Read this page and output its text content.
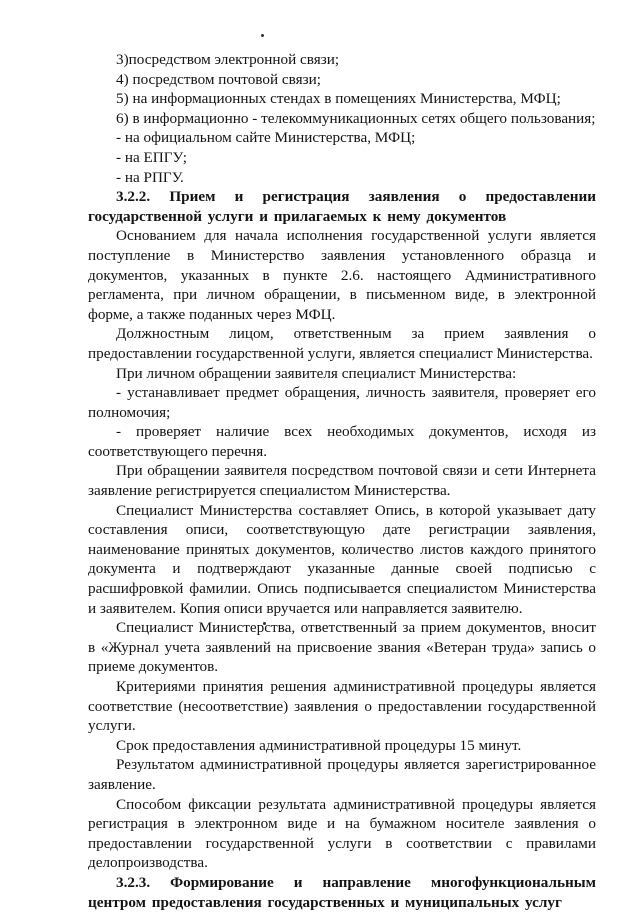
3)посредством электронной связи;

4) посредством почтовой связи;

5) на информационных стендах в помещениях Министерства, МФЦ;

6) в информационно - телекоммуникационных сетях общего пользования;

- на официальном сайте Министерства, МФЦ;

- на ЕПГУ;

- на РПГУ.

3.2.2. Прием и регистрация заявления о предоставлении государственной услуги и прилагаемых к нему документов

Основанием для начала исполнения государственной услуги является поступление в Министерство заявления установленного образца и документов, указанных в пункте 2.6. настоящего Административного регламента, при личном обращении, в письменном виде, в электронной форме, а также поданных через МФЦ.

Должностным лицом, ответственным за прием заявления о предоставлении государственной услуги, является специалист Министерства.

При личном обращении заявителя специалист Министерства:

- устанавливает предмет обращения, личность заявителя, проверяет его полномочия;

- проверяет наличие всех необходимых документов, исходя из соответствующего перечня.

При обращении заявителя посредством почтовой связи и сети Интернета заявление регистрируется специалистом Министерства.

Специалист Министерства составляет Опись, в которой указывает дату составления описи, соответствующую дате регистрации заявления, наименование принятых документов, количество листов каждого принятого документа и подтверждают указанные данные своей подписью с расшифровкой фамилии. Опись подписывается специалистом Министерства и заявителем. Копия описи вручается или направляется заявителю.

Специалист Министерства, ответственный за прием документов, вносит в «Журнал учета заявлений на присвоение звания «Ветеран труда» запись о приеме документов.

Критериями принятия решения административной процедуры является соответствие (несоответствие) заявления о предоставлении государственной услуги.

Срок предоставления административной процедуры 15 минут.

Результатом административной процедуры является зарегистрированное заявление.

Способом фиксации результата административной процедуры является регистрация в электронном виде и на бумажном носителе заявления о предоставлении государственной услуги в соответствии с правилами делопроизводства.

3.2.3. Формирование и направление многофункциональным центром предоставления государственных и муниципальных услуг
